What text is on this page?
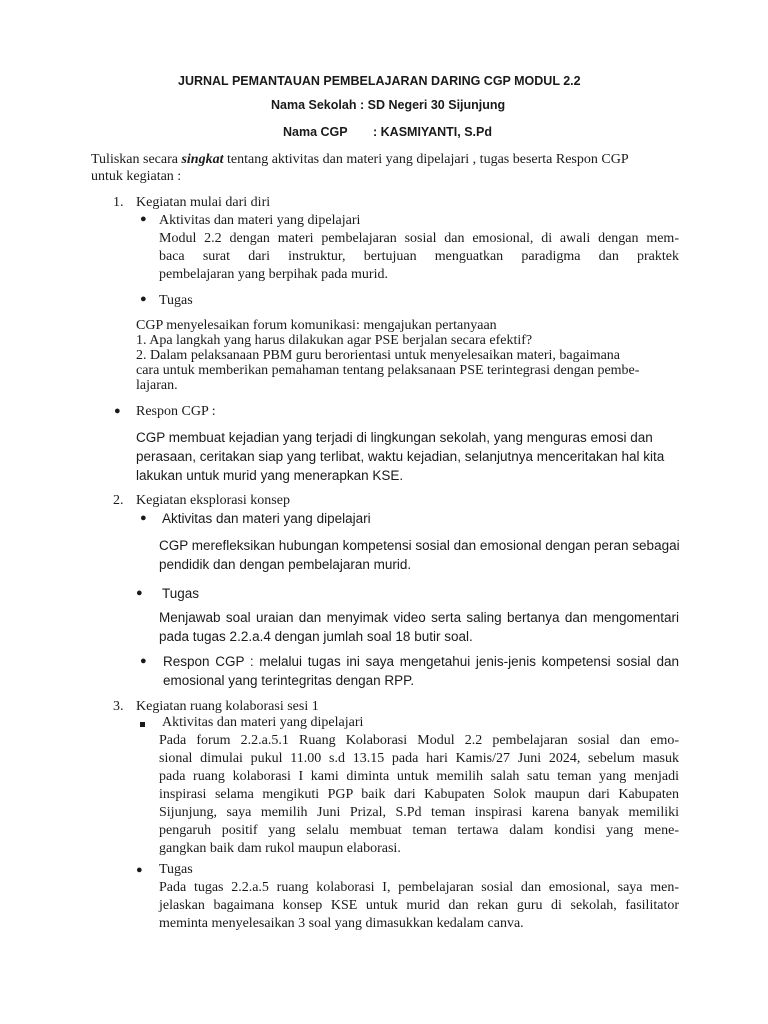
JURNAL PEMANTAUAN PEMBELAJARAN DARING CGP MODUL 2.2
Nama Sekolah : SD Negeri 30 Sijunjung
Nama CGP : KASMIYANTI, S.Pd
Tuliskan secara singkat tentang aktivitas dan materi yang dipelajari , tugas beserta Respon CGP
untuk kegiatan :
1. Kegiatan mulai dari diri
● Aktivitas dan materi yang dipelajari
Modul 2.2 dengan materi pembelajaran sosial dan emosional, di awali dengan mem-
baca surat dari instruktur, bertujuan menguatkan paradigma dan praktek
pembelajaran yang berpihak pada murid.
● Tugas
CGP menyelesaikan forum komunikasi: mengajukan pertanyaan
1. Apa langkah yang harus dilakukan agar PSE berjalan secara efektif?
2. Dalam pelaksanaan PBM guru berorientasi untuk menyelesaikan materi, bagaimana
cara untuk memberikan pemahaman tentang pelaksanaan PSE terintegrasi dengan pembe-
lajaran.
● Respon CGP :
CGP membuat kejadian yang terjadi di lingkungan sekolah, yang menguras emosi dan
perasaan, ceritakan siap yang terlibat, waktu kejadian, selanjutnya menceritakan hal kita
lakukan untuk murid yang menerapkan KSE.
2. Kegiatan eksplorasi konsep
● Aktivitas dan materi yang dipelajari
CGP merefleksikan hubungan kompetensi sosial dan emosional dengan peran sebagai
pendidik dan dengan pembelajaran murid.
● Tugas
Menjawab soal uraian dan menyimak video serta saling bertanya dan mengomentari
pada tugas 2.2.a.4 dengan jumlah soal 18 butir soal.
● Respon CGP : melalui tugas ini saya mengetahui jenis-jenis kompetensi sosial dan
emosional yang terintegritas dengan RPP.
3. Kegiatan ruang kolaborasi sesi 1
Aktivitas dan materi yang dipelajari
Pada forum 2.2.a.5.1 Ruang Kolaborasi Modul 2.2 pembelajaran sosial dan emo-
sional dimulai pukul 11.00 s.d 13.15 pada hari Kamis/27 Juni 2024, sebelum masuk
pada ruang kolaborasi I kami diminta untuk memilih salah satu teman yang menjadi
inspirasi selama mengikuti PGP baik dari Kabupaten Solok maupun dari Kabupaten
Sijunjung, saya memilih Juni Prizal, S.Pd teman inspirasi karena banyak memiliki
pengaruh positif yang selalu membuat teman tertawa dalam kondisi yang mene-
gangkan baik dam rukol maupun elaborasi.
● Tugas
Pada tugas 2.2.a.5 ruang kolaborasi I, pembelajaran sosial dan emosional, saya men-
jelaskan bagaimana konsep KSE untuk murid dan rekan guru di sekolah, fasilitator
meminta menyelesaikan 3 soal yang dimasukkan kedalam canva.
